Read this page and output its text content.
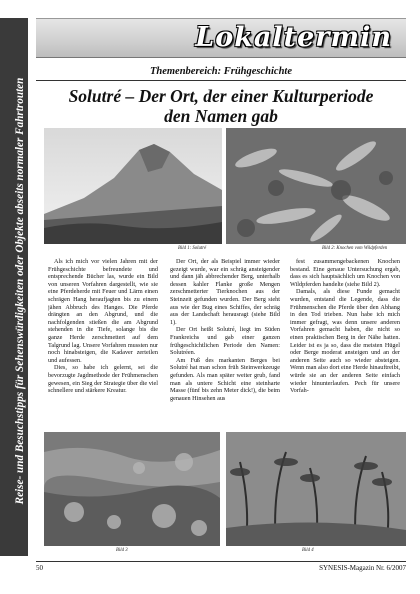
Reise- und Besuchstipps für Sehenswürdigkeiten oder Objekte abseits normaler Fahrtrouten
Lokaltermin
Themenbereich: Frühgeschichte
Solutré – Der Ort, der einer Kulturperiode
den Namen gab
Bild 1: Solutré	Bild 2: Knochen vom Wildpferden

Als ich mich vor vielen Jahren mit der Frühgeschichte befreundete und entsprechende Bücher las, wurde ein Bild von unseren Vorfahren dargestellt, wie sie eine Pferdeherde mit Feuer und Lärm einen schrägen Hang heraufjagten bis zu einem jähen Abbruch des Hanges. Die Pferde drängten an den Abgrund, und die nachfolgenden stießen die am Abgrund stehenden in die Tiefe, solange bis die ganze Herde zerschmettert auf dem Talgrund lag. Unsere Vorfahren mussten nur noch hinabsteigen, die Kadaver zerteilen und aufessen.

Dies, so habe ich gelernt, sei die bevorzugte Jagdmethode der Frühmenschen gewesen, ein Sieg der Strategie über die viel schnellere und stärkere Kreatur.

Der Ort, der als Beispiel immer wieder gezeigt wurde, war ein schräg ansteigender und dann jäh abbrechender Berg, unterhalb dessen kahler Flanke große Mengen zerschmetterter Tierknochen aus der Steinzeit gefunden wurden. Der Berg sieht aus wie der Bug eines Schiffes, der schräg aus der Landschaft herausragt (siehe Bild 1).

Der Ort heißt Solutré, liegt im Süden Frankreichs und gab einer ganzen frühgeschichtlichen Periode den Namen: Solutréen.

Am Fuß des markanten Berges bei Solutré hat man schon früh Steinwerkzeuge gefunden. Als man später weiter grub, fand man als untere Schicht eine steinharte Masse (fünf bis zehn Meter dick!), die beim genauen Hinsehen aus

fest zusammengebackenen Knochen bestand. Eine genaue Untersuchung ergab, dass es sich hauptsächlich um Knochen von Wildpferden handelte (siehe Bild 2).

Damals, als diese Funde gemacht wurden, entstand die Legende, dass die Frühmenschen die Pferde über den Abhang in den Tod trieben. Nun habe ich mich immer gefragt, was denn unsere anderen Vorfahren gemacht haben, die nicht so einen praktischen Berg in der Nähe hatten. Leider ist es ja so, dass die meisten Hügel oder Berge moderat ansteigen und an der anderen Seite auch so wieder absteigen. Wenn man also dort eine Herde hinauftreibt, würde sie an der anderen Seite einfach wieder hinunterlaufen. Pech für unsere Vorfah-

Bild 3	Bild 4
50	SYNESIS-Magazin Nr. 6/2007
